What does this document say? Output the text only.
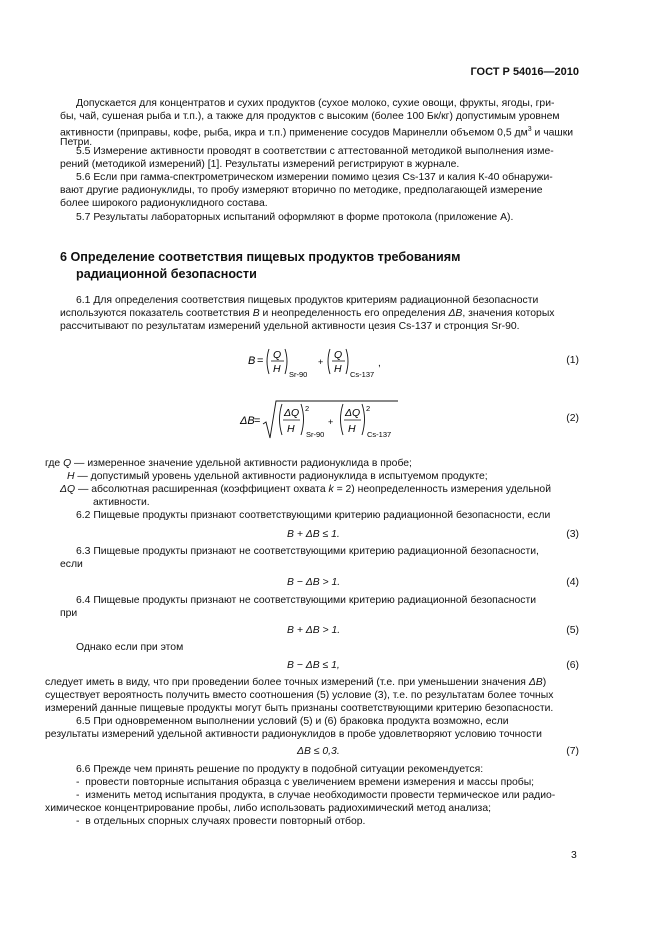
ГОСТ Р 54016—2010
Допускается для концентратов и сухих продуктов (сухое молоко, сухие овощи, фрукты, ягоды, гри-
бы, чай, сушеная рыба и т.п.), а также для продуктов с высоким (более 100 Бк/кг) допустимым уровнем
активности (приправы, кофе, рыба, икра и т.п.) применение сосудов Маринелли объемом 0,5 $дм^3$ и чашки
Петри.
5.5 Измерение активности проводят в соответствии с аттестованной методикой выполнения изме-
рений (методикой измерений) [1]. Результаты измерений регистрируют в журнале.
5.6 Если при гамма-спектрометрическом измерении помимо цезия Cs-137 и калия К-40 обнаружи-
вают другие радионуклиды, то пробу измеряют вторично по методике, предполагающей измерение
более широкого радионуклидного состава.
5.7 Результаты лабораторных испытаний оформляют в форме протокола (приложение А).
6 Определение соответствия пищевых продуктов требованиям
радиационной безопасности
6.1 Для определения соответствия пищевых продуктов критериям радиационной безопасности
используются показатель соответствия B и неопределенность его определения ΔB, значения которых
рассчитывают по результатам измерений удельной активности цезия Cs-137 и стронция Sr-90.
B = Q
H Sr-90
+
Q
H Cs-137
,	(1)
ΔB =
ΔQ
H
2
Sr-90
+
ΔQ
H
2
Cs-137
(2)
где Q — измеренное значение удельной активности радионуклида в пробе;
H — допустимый уровень удельной активности радионуклида в испытуемом продукте;
ΔQ — абсолютная расширенная (коэффициент охвата k = 2) неопределенность измерения удельной
активности.
6.2 Пищевые продукты признают соответствующими критерию радиационной безопасности, если
B + ΔB ≤ 1.	(3)
6.3 Пищевые продукты признают не соответствующими критерию радиационной безопасности,
если
B − ΔB > 1.	(4)
6.4 Пищевые продукты признают не соответствующими критерию радиационной безопасности
при
B + ΔB > 1.	(5)
Однако если при этом
B − ΔB ≤ 1,	(6)
следует иметь в виду, что при проведении более точных измерений (т.е. при уменьшении значения ΔB)
существует вероятность получить вместо соотношения (5) условие (3), т.е. по результатам более точных
измерений данные пищевые продукты могут быть признаны соответствующими критерию безопасности.
6.5 При одновременном выполнении условий (5) и (6) браковка продукта возможно, если
результаты измерений удельной активности радионуклидов в пробе удовлетворяют условию точности
ΔB ≤ 0,3.	(7)
6.6 Прежде чем принять решение по продукту в подобной ситуации рекомендуется:
- провести повторные испытания образца с увеличением времени измерения и массы пробы;
- изменить метод испытания продукта, в случае необходимости провести термическое или радио-
химическое концентрирование пробы, либо использовать радиохимический метод анализа;
- в отдельных спорных случаях провести повторный отбор.
3
